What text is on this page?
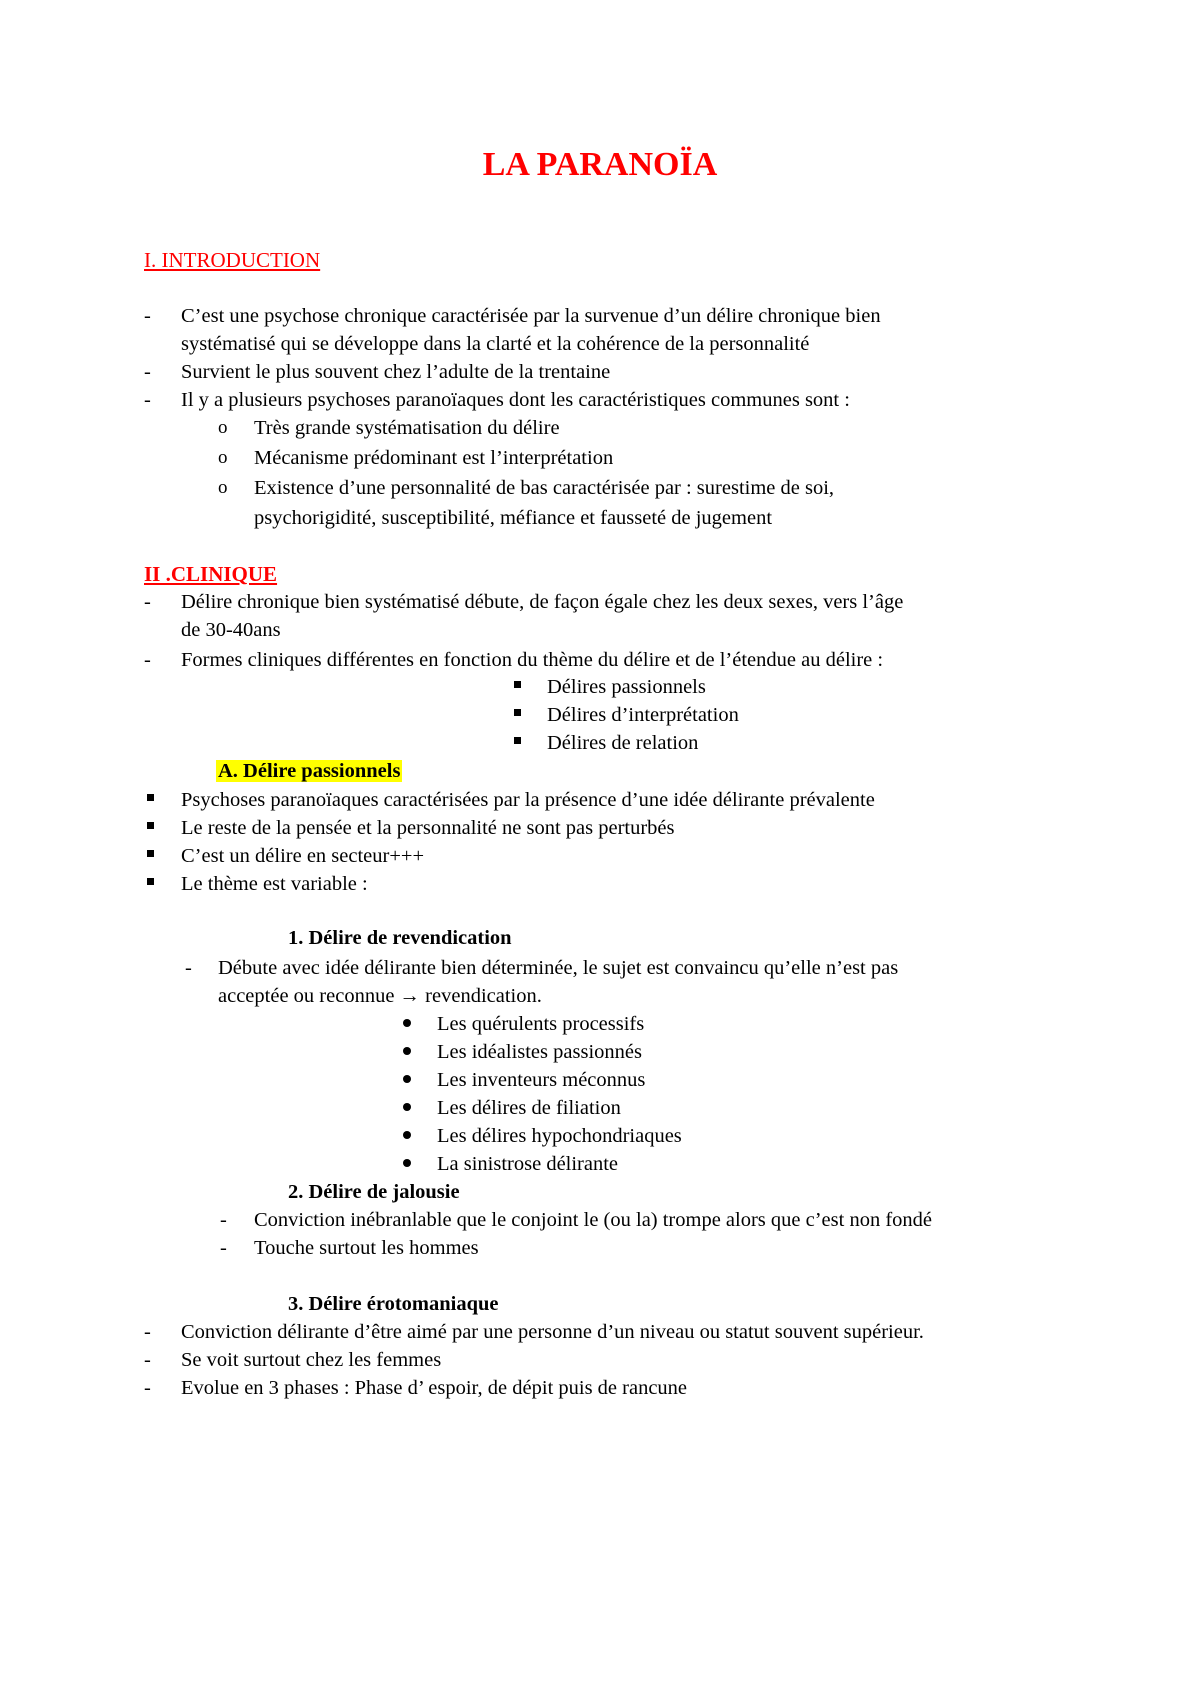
LA PARANOÏA
I. INTRODUCTION
- C’est une psychose chronique caractérisée par la survenue d’un délire chronique bien
systématisé qui se développe dans la clarté et la cohérence de la personnalité
- Survient le plus souvent chez l’adulte de la trentaine
- Il y a plusieurs psychoses paranoïaques dont les caractéristiques communes sont :
o Très grande systématisation du délire
o Mécanisme prédominant est l’interprétation
o Existence d’une personnalité de bas caractérisée par : surestime de soi,
psychorigidité, susceptibilité, méfiance et fausseté de jugement
II .CLINIQUE
- Délire chronique bien systématisé débute, de façon égale chez les deux sexes, vers l’âge
de 30-40ans
- Formes cliniques différentes en fonction du thème du délire et de l’étendue au délire :
Délires passionnels
Délires d’interprétation
Délires de relation
A. Délire passionnels
Psychoses paranoïaques caractérisées par la présence d’une idée délirante prévalente
Le reste de la pensée et la personnalité ne sont pas perturbés
C’est un délire en secteur+++
Le thème est variable :
1. Délire de revendication
- Débute avec idée délirante bien déterminée, le sujet est convaincu qu’elle n’est pas
acceptée ou reconnue → revendication.
Les quérulents processifs
Les idéalistes passionnés
Les inventeurs méconnus
Les délires de filiation
Les délires hypochondriaques
La sinistrose délirante
2. Délire de jalousie
- Conviction inébranlable que le conjoint le (ou la) trompe alors que c’est non fondé
- Touche surtout les hommes
3. Délire érotomaniaque
- Conviction délirante d’être aimé par une personne d’un niveau ou statut souvent supérieur.
- Se voit surtout chez les femmes
- Evolue en 3 phases : Phase d’ espoir, de dépit puis de rancune
